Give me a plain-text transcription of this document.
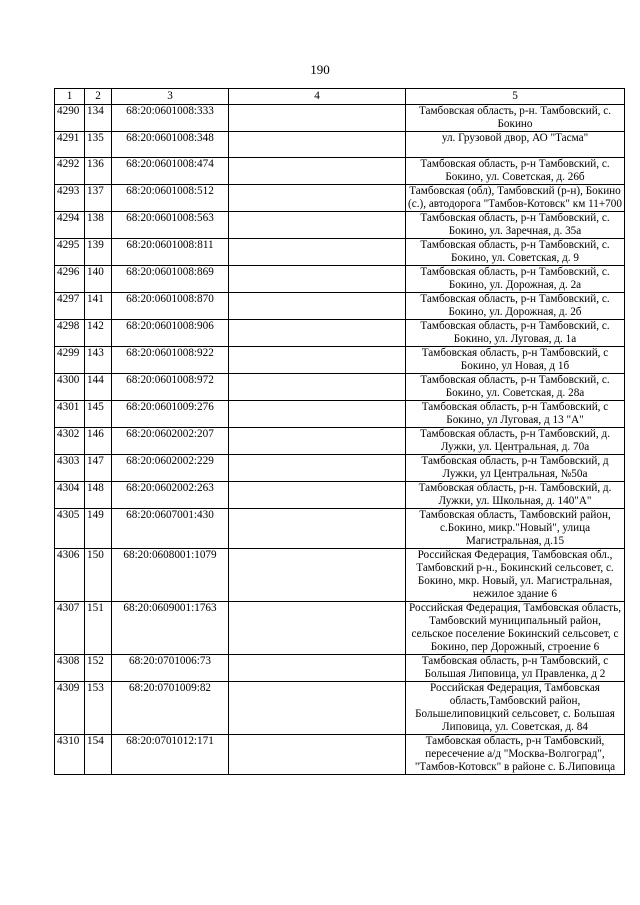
190
1	2	3	4	5
4290	134	68:20:0601008:333		Тамбовская область, р-н. Тамбовский, с. Бокино
4291	135	68:20:0601008:348		ул. Грузовой двор, АО "Тасма"
4292	136	68:20:0601008:474		Тамбовская область, р-н Тамбовский, с. Бокино, ул. Советская, д. 26б
4293	137	68:20:0601008:512		Тамбовская (обл), Тамбовский (р-н), Бокино (с.), автодорога "Тамбов-Котовск" км 11+700
4294	138	68:20:0601008:563		Тамбовская область, р-н Тамбовский, с. Бокино, ул. Заречная, д. 35а
4295	139	68:20:0601008:811		Тамбовская область, р-н Тамбовский, с. Бокино, ул. Советская, д. 9
4296	140	68:20:0601008:869		Тамбовская область, р-н Тамбовский, с. Бокино, ул. Дорожная, д. 2а
4297	141	68:20:0601008:870		Тамбовская область, р-н Тамбовский, с. Бокино, ул. Дорожная, д. 2б
4298	142	68:20:0601008:906		Тамбовская область, р-н Тамбовский, с. Бокино, ул. Луговая, д. 1а
4299	143	68:20:0601008:922		Тамбовская область, р-н Тамбовский, с Бокино, ул Новая, д 1б
4300	144	68:20:0601008:972		Тамбовская область, р-н Тамбовский, с. Бокино, ул. Советская, д. 28а
4301	145	68:20:0601009:276		Тамбовская область, р-н Тамбовский, с Бокино, ул Луговая, д 13 "А"
4302	146	68:20:0602002:207		Тамбовская область, р-н Тамбовский, д. Лужки, ул. Центральная, д. 70а
4303	147	68:20:0602002:229		Тамбовская область, р-н Тамбовский, д Лужки, ул Центральная, №50а
4304	148	68:20:0602002:263		Тамбовская область, р-н. Тамбовский, д. Лужки, ул. Школьная, д. 140"А"
4305	149	68:20:0607001:430		Тамбовская область, Тамбовский район, с.Бокино, микр."Новый", улица Магистральная, д.15
4306	150	68:20:0608001:1079		Российская Федерация, Тамбовская обл., Тамбовский р-н., Бокинский сельсовет, с. Бокино, мкр. Новый, ул. Магистральная, нежилое здание 6
4307	151	68:20:0609001:1763		Российская Федерация, Тамбовская область, Тамбовский муниципальный район, сельское поселение Бокинский сельсовет, с Бокино, пер Дорожный, строение 6
4308	152	68:20:0701006:73		Тамбовская область, р-н Тамбовский, с Большая Липовица, ул Правленка, д 2
4309	153	68:20:0701009:82		Российская Федерация, Тамбовская область,Тамбовский район, Большелиповицкий сельсовет, с. Большая Липовица, ул. Советская, д. 84
4310	154	68:20:0701012:171		Тамбовская область, р-н Тамбовский, пересечение а/д "Москва-Волгоград", "Тамбов-Котовск" в районе с. Б.Липовица
